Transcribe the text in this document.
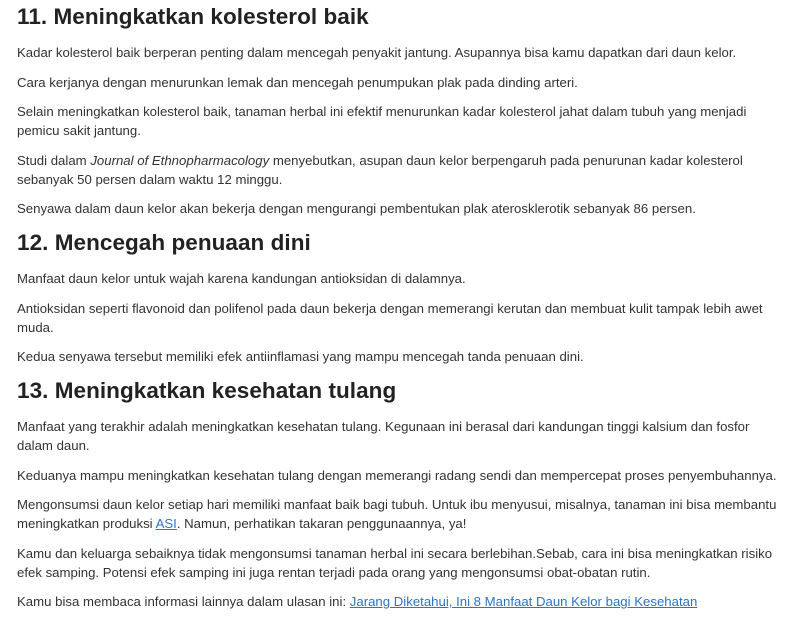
11. Meningkatkan kolesterol baik

Kadar kolesterol baik berperan penting dalam mencegah penyakit jantung. Asupannya bisa kamu dapatkan dari daun kelor.

Cara kerjanya dengan menurunkan lemak dan mencegah penumpukan plak pada dinding arteri.

Selain meningkatkan kolesterol baik, tanaman herbal ini efektif menurunkan kadar kolesterol jahat dalam tubuh yang menjadi pemicu sakit jantung.

Studi dalam Journal of Ethnopharmacology menyebutkan, asupan daun kelor berpengaruh pada penurunan kadar kolesterol sebanyak 50 persen dalam waktu 12 minggu.

Senyawa dalam daun kelor akan bekerja dengan mengurangi pembentukan plak aterosklerotik sebanyak 86 persen.

12. Mencegah penuaan dini

Manfaat daun kelor untuk wajah karena kandungan antioksidan di dalamnya.

Antioksidan seperti flavonoid dan polifenol pada daun bekerja dengan memerangi kerutan dan membuat kulit tampak lebih awet muda.

Kedua senyawa tersebut memiliki efek antiinflamasi yang mampu mencegah tanda penuaan dini.

13. Meningkatkan kesehatan tulang

Manfaat yang terakhir adalah meningkatkan kesehatan tulang. Kegunaan ini berasal dari kandungan tinggi kalsium dan fosfor dalam daun.

Keduanya mampu meningkatkan kesehatan tulang dengan memerangi radang sendi dan mempercepat proses penyembuhannya.

Mengonsumsi daun kelor setiap hari memiliki manfaat baik bagi tubuh. Untuk ibu menyusui, misalnya, tanaman ini bisa membantu meningkatkan produksi ASI. Namun, perhatikan takaran penggunaannya, ya!

Kamu dan keluarga sebaiknya tidak mengonsumsi tanaman herbal ini secara berlebihan.Sebab, cara ini bisa meningkatkan risiko efek samping. Potensi efek samping ini juga rentan terjadi pada orang yang mengonsumsi obat-obatan rutin.

Kamu bisa membaca informasi lainnya dalam ulasan ini: Jarang Diketahui, Ini 8 Manfaat Daun Kelor bagi Kesehatan
